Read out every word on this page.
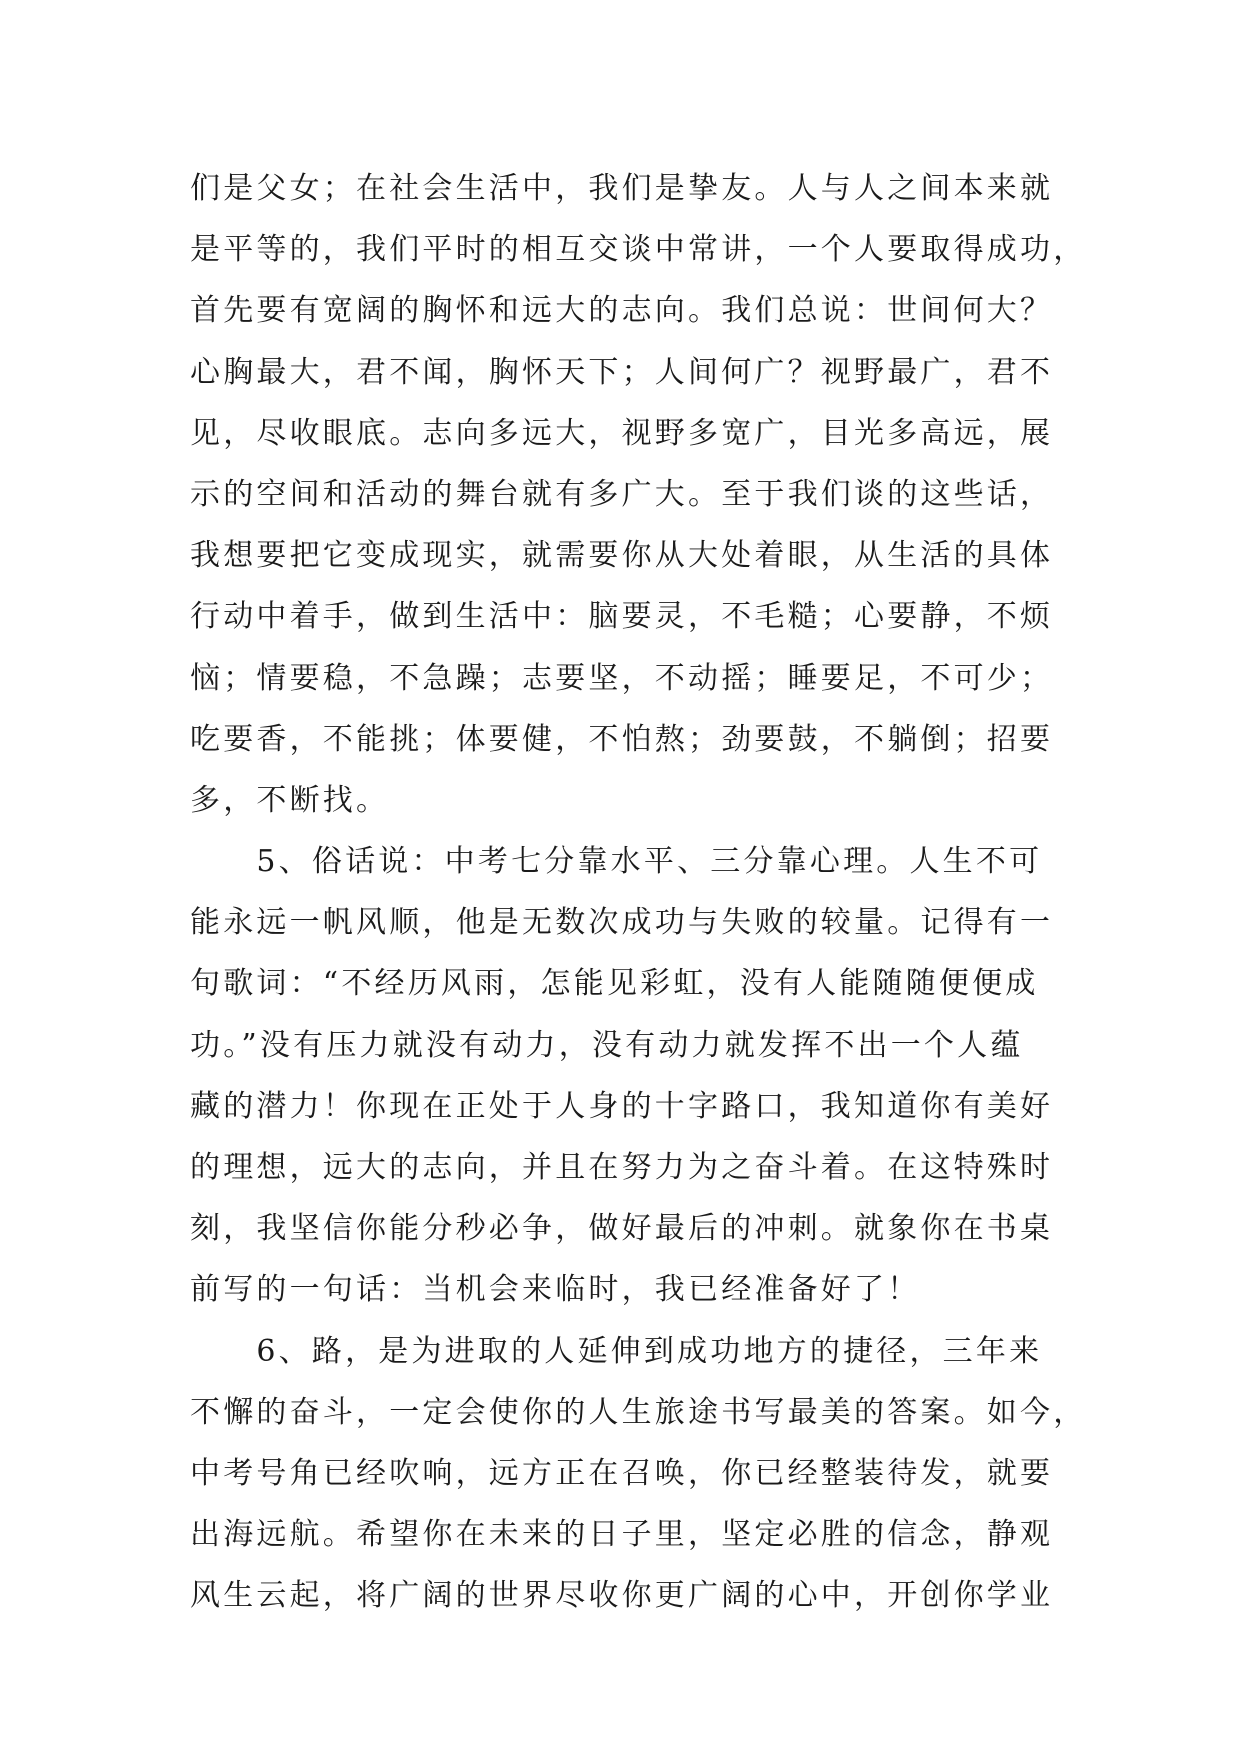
们是父女；在社会生活中，我们是挚友。人与人之间本来就
是平等的，我们平时的相互交谈中常讲，一个人要取得成功，
首先要有宽阔的胸怀和远大的志向。我们总说：世间何大？
心胸最大，君不闻，胸怀天下；人间何广？视野最广，君不
见，尽收眼底。志向多远大，视野多宽广，目光多高远，展
示的空间和活动的舞台就有多广大。至于我们谈的这些话，
我想要把它变成现实，就需要你从大处着眼，从生活的具体
行动中着手，做到生活中：脑要灵，不毛糙；心要静，不烦
恼；情要稳，不急躁；志要坚，不动摇；睡要足，不可少；
吃要香，不能挑；体要健，不怕熬；劲要鼓，不躺倒；招要
多，不断找。
　　5、俗话说：中考七分靠水平、三分靠心理。人生不可
能永远一帆风顺，他是无数次成功与失败的较量。记得有一
句歌词：“不经历风雨，怎能见彩虹，没有人能随随便便成
功。”没有压力就没有动力，没有动力就发挥不出一个人蕴
藏的潜力！你现在正处于人身的十字路口，我知道你有美好
的理想，远大的志向，并且在努力为之奋斗着。在这特殊时
刻，我坚信你能分秒必争，做好最后的冲刺。就象你在书桌
前写的一句话：当机会来临时，我已经准备好了！
　　6、路，是为进取的人延伸到成功地方的捷径，三年来
不懈的奋斗，一定会使你的人生旅途书写最美的答案。如今，
中考号角已经吹响，远方正在召唤，你已经整装待发，就要
出海远航。希望你在未来的日子里，坚定必胜的信念，静观
风生云起，将广阔的世界尽收你更广阔的心中，开创你学业
